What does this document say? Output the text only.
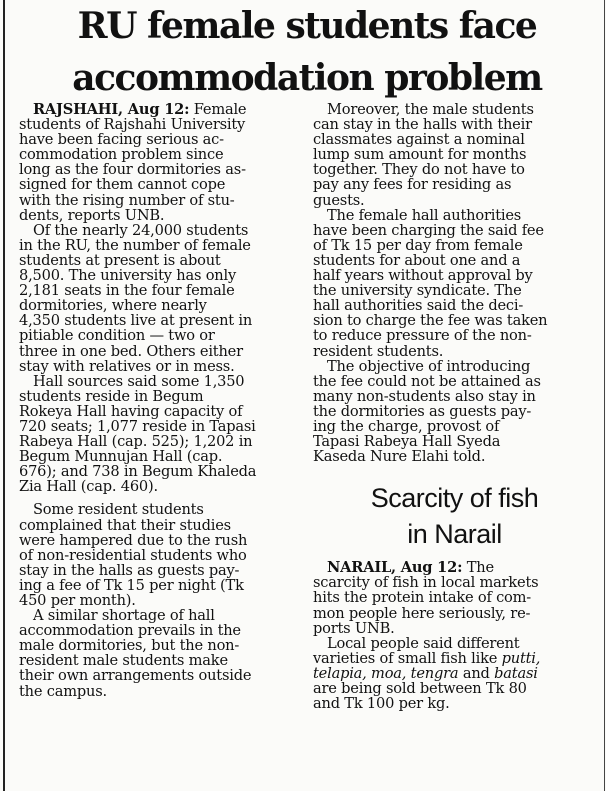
RU female students face
accommodation problem
RAJSHAHI, Aug 12: Female
students of Rajshahi University
have been facing serious ac-
commodation problem since
long as the four dormitories as-
signed for them cannot cope
with the rising number of stu-
dents, reports UNB.
Of the nearly 24,000 students
in the RU, the number of female
students at present is about
8,500. The university has only
2,181 seats in the four female
dormitories, where nearly
4,350 students live at present in
pitiable condition — two or
three in one bed. Others either
stay with relatives or in mess.
Hall sources said some 1,350
students reside in Begum
Rokeya Hall having capacity of
720 seats; 1,077 reside in Tapasi
Rabeya Hall (cap. 525); 1,202 in
Begum Munnujan Hall (cap.
676); and 738 in Begum Khaleda
Zia Hall (cap. 460).
Some resident students
complained that their studies
were hampered due to the rush
of non-residential students who
stay in the halls as guests pay-
ing a fee of Tk 15 per night (Tk
450 per month).
A similar shortage of hall
accommodation prevails in the
male dormitories, but the non-
resident male students make
their own arrangements outside
the campus.
Moreover, the male students
can stay in the halls with their
classmates against a nominal
lump sum amount for months
together. They do not have to
pay any fees for residing as
guests.
The female hall authorities
have been charging the said fee
of Tk 15 per day from female
students for about one and a
half years without approval by
the university syndicate. The
hall authorities said the deci-
sion to charge the fee was taken
to reduce pressure of the non-
resident students.
The objective of introducing
the fee could not be attained as
many non-students also stay in
the dormitories as guests pay-
ing the charge, provost of
Tapasi Rabeya Hall Syeda
Kaseda Nure Elahi told.
Scarcity of fish
in Narail
NARAIL, Aug 12: The
scarcity of fish in local markets
hits the protein intake of com-
mon people here seriously, re-
ports UNB.
Local people said different
varieties of small fish like putti,
telapia, moa, tengra and batasi
are being sold between Tk 80
and Tk 100 per kg.
